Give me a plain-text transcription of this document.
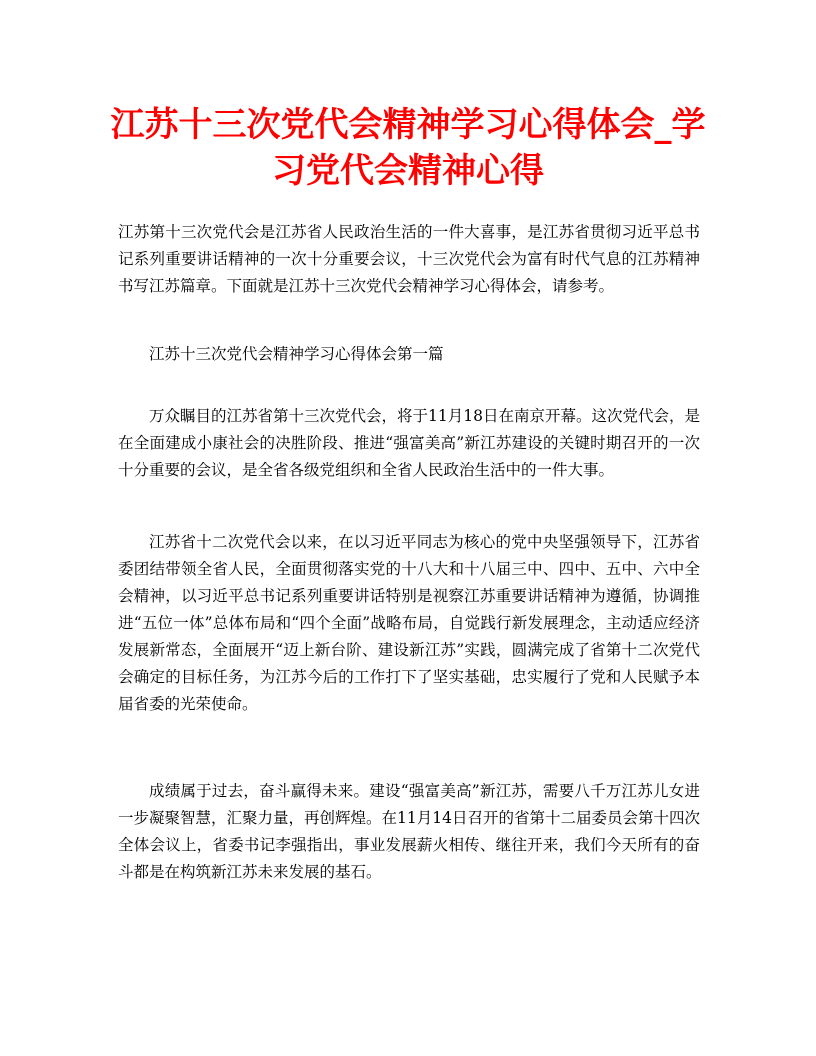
江苏十三次党代会精神学习心得体会_学习党代会精神心得

江苏第十三次党代会是江苏省人民政治生活的一件大喜事，是江苏省贯彻习近平总书记系列重要讲话精神的一次十分重要会议，十三次党代会为富有时代气息的江苏精神书写江苏篇章。下面就是江苏十三次党代会精神学习心得体会，请参考。

江苏十三次党代会精神学习心得体会第一篇

万众瞩目的江苏省第十三次党代会，将于11月18日在南京开幕。这次党代会，是在全面建成小康社会的决胜阶段、推进“强富美高”新江苏建设的关键时期召开的一次十分重要的会议，是全省各级党组织和全省人民政治生活中的一件大事。

江苏省十二次党代会以来，在以习近平同志为核心的党中央坚强领导下，江苏省委团结带领全省人民，全面贯彻落实党的十八大和十八届三中、四中、五中、六中全会精神，以习近平总书记系列重要讲话特别是视察江苏重要讲话精神为遵循，协调推进“五位一体”总体布局和“四个全面”战略布局，自觉践行新发展理念，主动适应经济发展新常态，全面展开“迈上新台阶、建设新江苏”实践，圆满完成了省第十二次党代会确定的目标任务，为江苏今后的工作打下了坚实基础，忠实履行了党和人民赋予本届省委的光荣使命。

成绩属于过去，奋斗赢得未来。建设“强富美高”新江苏，需要八千万江苏儿女进一步凝聚智慧，汇聚力量，再创辉煌。在11月14日召开的省第十二届委员会第十四次全体会议上，省委书记李强指出，事业发展薪火相传、继往开来，我们今天所有的奋斗都是在构筑新江苏未来发展的基石。
